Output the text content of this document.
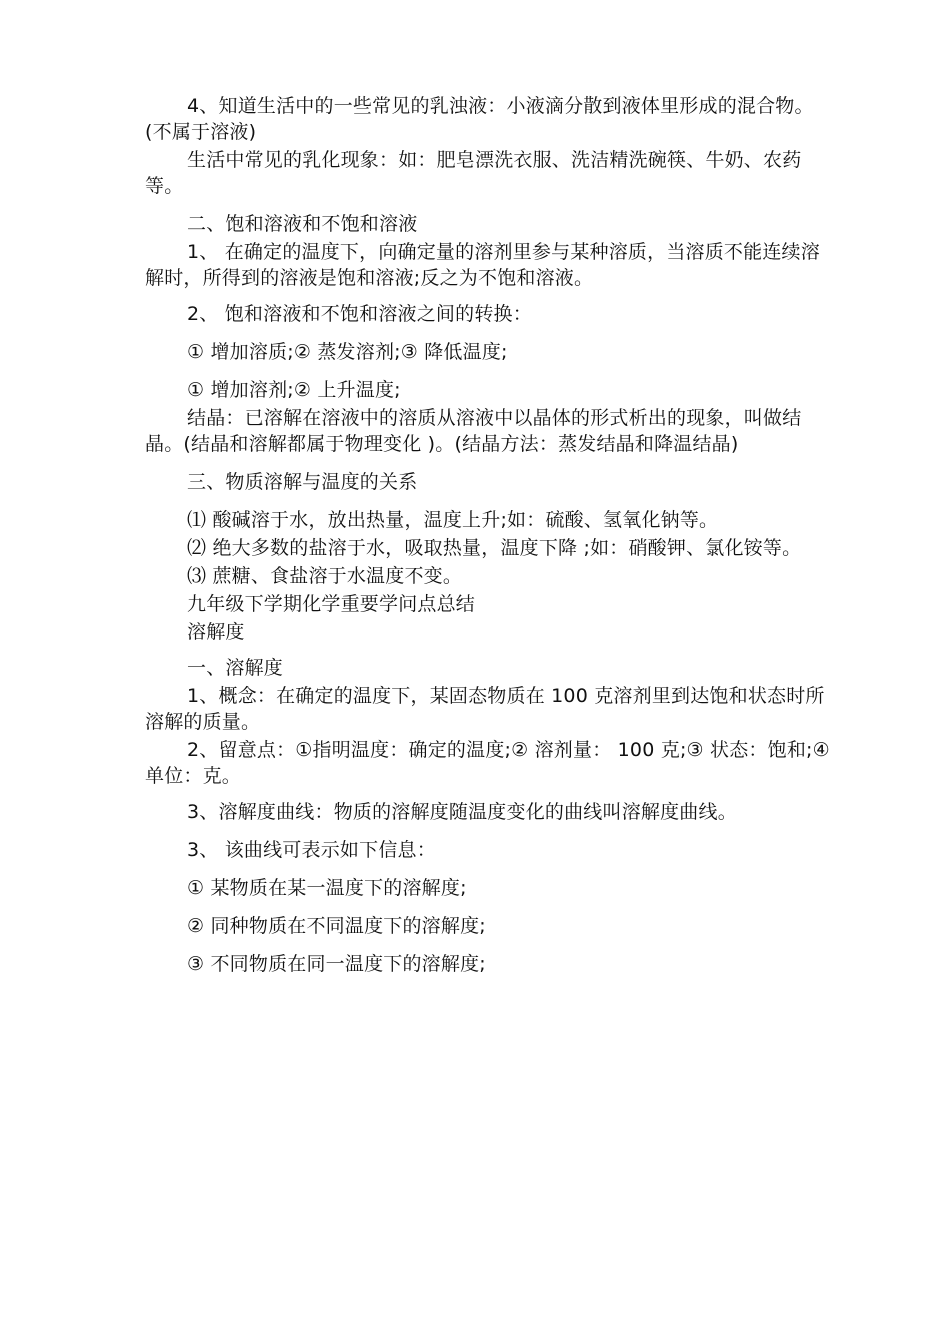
4、知道生活中的一些常见的乳浊液：小液滴分散到液体里形成的混合物。(不属于溶液)

生活中常见的乳化现象：如：肥皂漂洗衣服、洗洁精洗碗筷、牛奶、农药等。

二、饱和溶液和不饱和溶液

1、 在确定的温度下，向确定量的溶剂里参与某种溶质，当溶质不能连续溶解时，所得到的溶液是饱和溶液;反之为不饱和溶液。

2、 饱和溶液和不饱和溶液之间的转换：

① 增加溶质;② 蒸发溶剂;③ 降低温度;

① 增加溶剂;② 上升温度;

结晶：已溶解在溶液中的溶质从溶液中以晶体的形式析出的现象，叫做结晶。(结晶和溶解都属于物理变化 )。(结晶方法：蒸发结晶和降温结晶)

三、物质溶解与温度的关系

⑴ 酸碱溶于水，放出热量，温度上升;如：硫酸、氢氧化钠等。

⑵ 绝大多数的盐溶于水，吸取热量，温度下降 ;如：硝酸钾、氯化铵等。

⑶ 蔗糖、食盐溶于水温度不变。

九年级下学期化学重要学问点总结

溶解度

一、溶解度

1、概念：在确定的温度下，某固态物质在 100 克溶剂里到达饱和状态时所溶解的质量。

2、留意点：①指明温度：确定的温度;② 溶剂量： 100 克;③ 状态：饱和;④ 单位：克。

3、溶解度曲线：物质的溶解度随温度变化的曲线叫溶解度曲线。

3、 该曲线可表示如下信息：

① 某物质在某一温度下的溶解度;

② 同种物质在不同温度下的溶解度;

③ 不同物质在同一温度下的溶解度;
